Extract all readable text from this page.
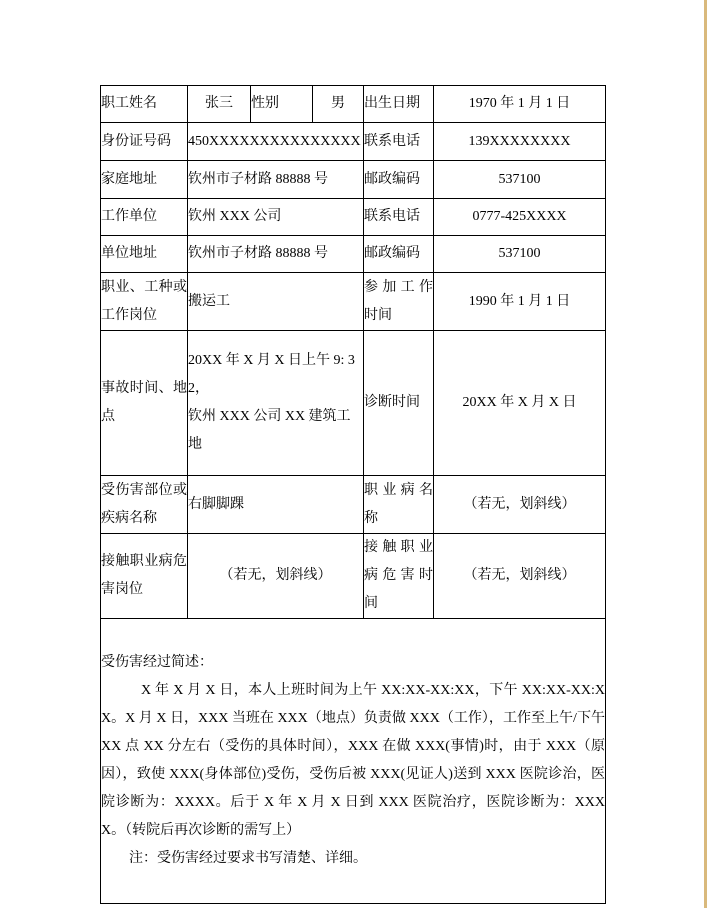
职工姓名	张三	性别	男	出生日期	1970 年 1 月 1 日
身份证号码	450XXXXXXXXXXXXXXX			联系电话	139XXXXXXXX
家庭地址	钦州市子材路 88888 号			邮政编码	537100
工作单位	钦州 XXX 公司			联系电话	0777-425XXXX
单位地址	钦州市子材路 88888 号			邮政编码	537100
职业、工种或工作岗位	搬运工			参加工作时间	1990 年 1 月 1 日
事故时间、地点	20XX 年 X 月 X 日上午 9: 32，
钦州 XXX 公司 XX 建筑工地			诊断时间	20XX 年 X 月 X 日
受伤害部位或疾病名称	右脚脚踝			职业病名称	（若无，划斜线）
接触职业病危害岗位	（若无，划斜线）			接触职业病危害时间	（若无，划斜线）

受伤害经过简述：

X 年 X 月 X 日，本人上班时间为上午 XX:XX-XX:XX，下午 XX:XX-XX:XX。X 月 X 日，XXX 当班在 XXX（地点）负责做 XXX（工作），工作至上午/下午 XX 点 XX 分左右（受伤的具体时间），XXX 在做 XXX(事情)时，由于 XXX（原因），致使 XXX(身体部位)受伤，受伤后被 XXX(见证人)送到 XXX 医院诊治，医院诊断为：XXXX。后于 X 年 X 月 X 日到 XXX 医院治疗，医院诊断为：XXXX。（转院后再次诊断的需写上）

注：受伤害经过要求书写清楚、详细。					
